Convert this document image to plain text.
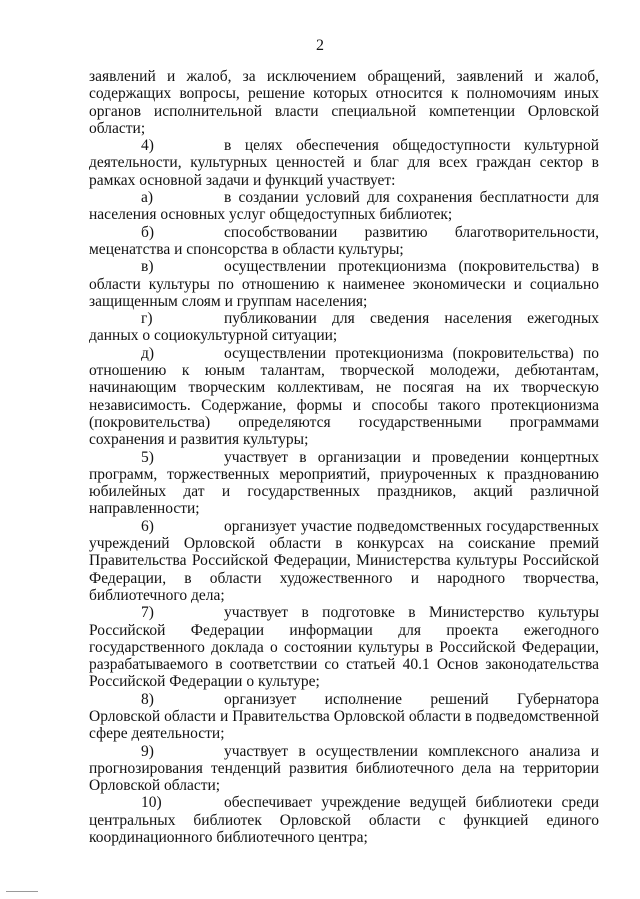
2

заявлений и жалоб, за исключением обращений, заявлений и жалоб, содержащих вопросы, решение которых относится к полномочиям иных органов исполнительной власти специальной компетенции Орловской области;

4)	в целях обеспечения общедоступности культурной деятельности, культурных ценностей и благ для всех граждан сектор в рамках основной задачи и функций участвует:

а)	в создании условий для сохранения бесплатности для населения основных услуг общедоступных библиотек;

б)	способствовании развитию благотворительности, меценатства и спонсорства в области культуры;

в)	осуществлении протекционизма (покровительства) в области культуры по отношению к наименее экономически и социально защищенным слоям и группам населения;

г)	публиковании для сведения населения ежегодных данных о социокультурной ситуации;

д)	осуществлении протекционизма (покровительства) по отношению к юным талантам, творческой молодежи, дебютантам, начинающим творческим коллективам, не посягая на их творческую независимость. Содержание, формы и способы такого протекционизма (покровительства) определяются государственными программами сохранения и развития культуры;

5)	участвует в организации и проведении концертных программ, торжественных мероприятий, приуроченных к празднованию юбилейных дат и государственных праздников, акций различной направленности;

6)	организует участие подведомственных государственных учреждений Орловской области в конкурсах на соискание премий Правительства Российской Федерации, Министерства культуры Российской Федерации, в области художественного и народного творчества, библиотечного дела;

7)	участвует в подготовке в Министерство культуры Российской Федерации информации для проекта ежегодного государственного доклада о состоянии культуры в Российской Федерации, разрабатываемого в соответствии со статьей 40.1 Основ законодательства Российской Федерации о культуре;

8)	организует исполнение решений Губернатора Орловской области и Правительства Орловской области в подведомственной сфере деятельности;

9)	участвует в осуществлении комплексного анализа и прогнозирования тенденций развития библиотечного дела на территории Орловской области;

10)	обеспечивает учреждение ведущей библиотеки среди центральных библиотек Орловской области с функцией единого координационного библиотечного центра;
